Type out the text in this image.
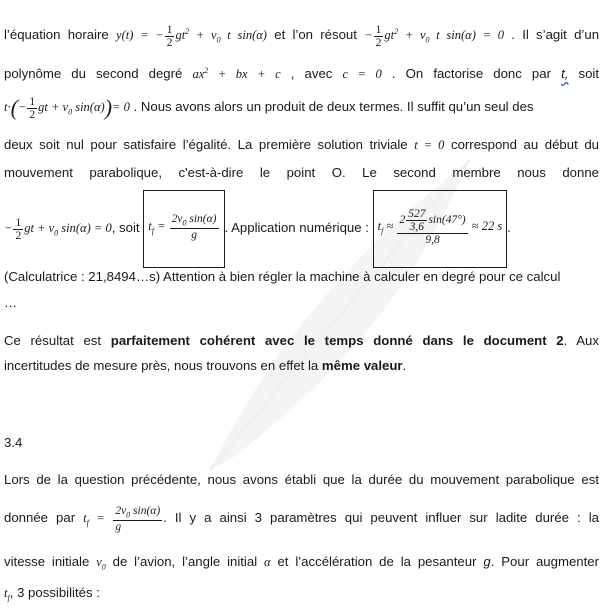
l’équation horaire y(t) = − $\frac{1}{2} gt^2 + v_0$ t sin(α) et l’on résout − $\frac{1}{2} gt^2 + v_0$ t sin(α) = 0 . Il s’agit d’un
polynôme du second degré $ax^2$ + bx + c , avec c = 0 . On factorise donc par t, soit
$t\cdot(- \frac{1}{2}$ gt + $v_0$ sin(α))= 0 . Nous avons alors un produit de deux termes. Il suffit qu’un seul des
deux soit nul pour satisfaire l’égalité. La première solution triviale t = 0 correspond au début du
mouvement parabolique, c'est-à-dire le point O. Le second membre nous donne
− $\frac{1}{2}$ gt + $v_0$ sin(α) = 0, soit $t_f = \frac{2v_0 \sin(\alpha)}{g}$ . Application numérique : $t_f \approx \frac{2 \frac{527}{3,6} \sin(47^\circ)}{9,8} \approx 22$ s .
(Calculatrice : 21,8494…s) Attention à bien régler la machine à calculer en degré pour ce calcul
…
Ce résultat est parfaitement cohérent avec le temps donné dans le document 2. Aux
incertitudes de mesure près, nous trouvons en effet la même valeur.
3.4
Lors de la question précédente, nous avons établi que la durée du mouvement parabolique est
donnée par $t_f = \frac{2v_0 \sin(\alpha)}{g}$ . Il y a ainsi 3 paramètres qui peuvent influer sur ladite durée : la
vitesse initiale $v_0$ de l’avion, l’angle initial α et l’accélération de la pesanteur g. Pour augmenter
$t_f$, 3 possibilités :
